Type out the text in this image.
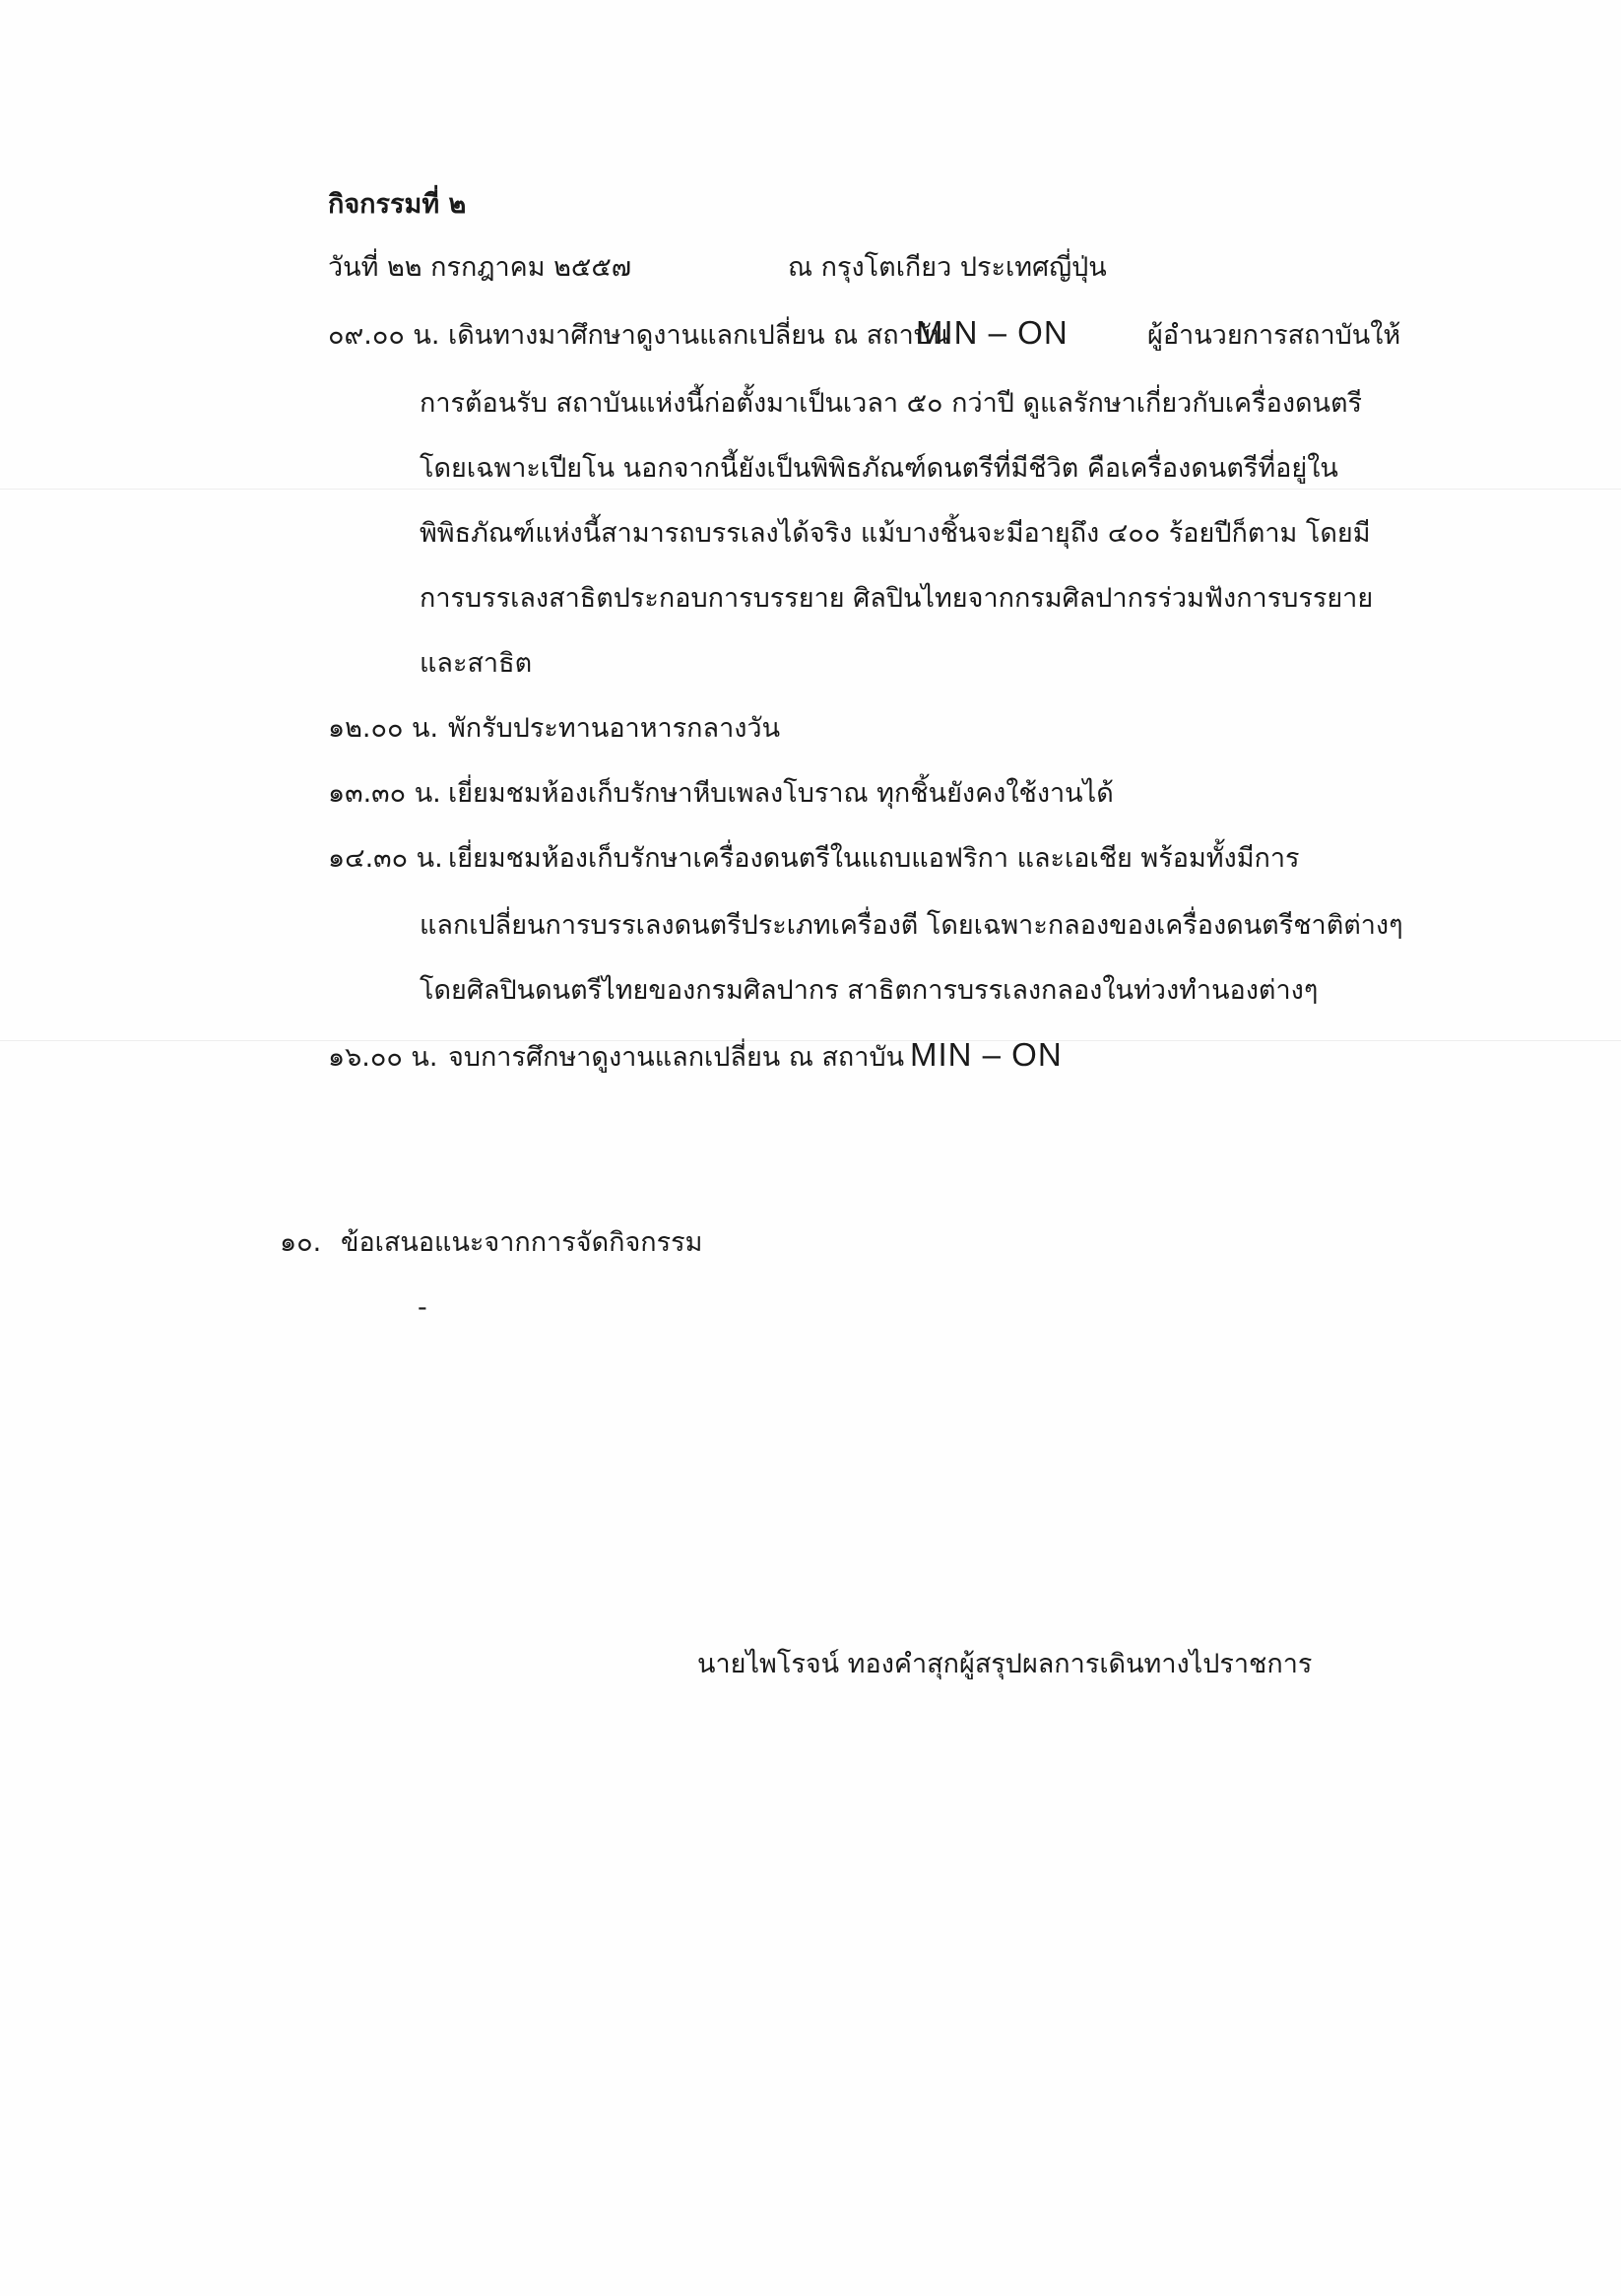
กิจกรรมที่ ๒
วันที่ ๒๒ กรกฎาคม ๒๕๕๗	ณ กรุงโตเกียว ประเทศญี่ปุ่น
๐๙.๐๐ น. เดินทางมาศึกษาดูงานแลกเปลี่ยน ณ สถาบัน
MIN – ON	ผู้อำนวยการสถาบันให้
การต้อนรับ สถาบันแห่งนี้ก่อตั้งมาเป็นเวลา ๕๐ กว่าปี ดูแลรักษาเกี่ยวกับเครื่องดนตรี
โดยเฉพาะเปียโน นอกจากนี้ยังเป็นพิพิธภัณฑ์ดนตรีที่มีชีวิต คือเครื่องดนตรีที่อยู่ใน
พิพิธภัณฑ์แห่งนี้สามารถบรรเลงได้จริง แม้บางชิ้นจะมีอายุถึง ๔๐๐ ร้อยปีก็ตาม โดยมี
การบรรเลงสาธิตประกอบการบรรยาย ศิลปินไทยจากกรมศิลปากรร่วมฟังการบรรยาย
และสาธิต
๑๒.๐๐ น. พักรับประทานอาหารกลางวัน
๑๓.๓๐ น. เยี่ยมชมห้องเก็บรักษาหีบเพลงโบราณ ทุกชิ้นยังคงใช้งานได้
๑๔.๓๐ น. เยี่ยมชมห้องเก็บรักษาเครื่องดนตรีในแถบแอฟริกา และเอเชีย พร้อมทั้งมีการ
แลกเปลี่ยนการบรรเลงดนตรีประเภทเครื่องตี โดยเฉพาะกลองของเครื่องดนตรีชาติต่างๆ
โดยศิลปินดนตรีไทยของกรมศิลปากร สาธิตการบรรเลงกลองในท่วงทำนองต่างๆ
๑๖.๐๐ น. จบการศึกษาดูงานแลกเปลี่ยน ณ สถาบัน MIN – ON
๑๐. ข้อเสนอแนะจากการจัดกิจกรรม
-
นายไพโรจน์ ทองคำสุก ผู้สรุปผลการเดินทางไปราชการ
